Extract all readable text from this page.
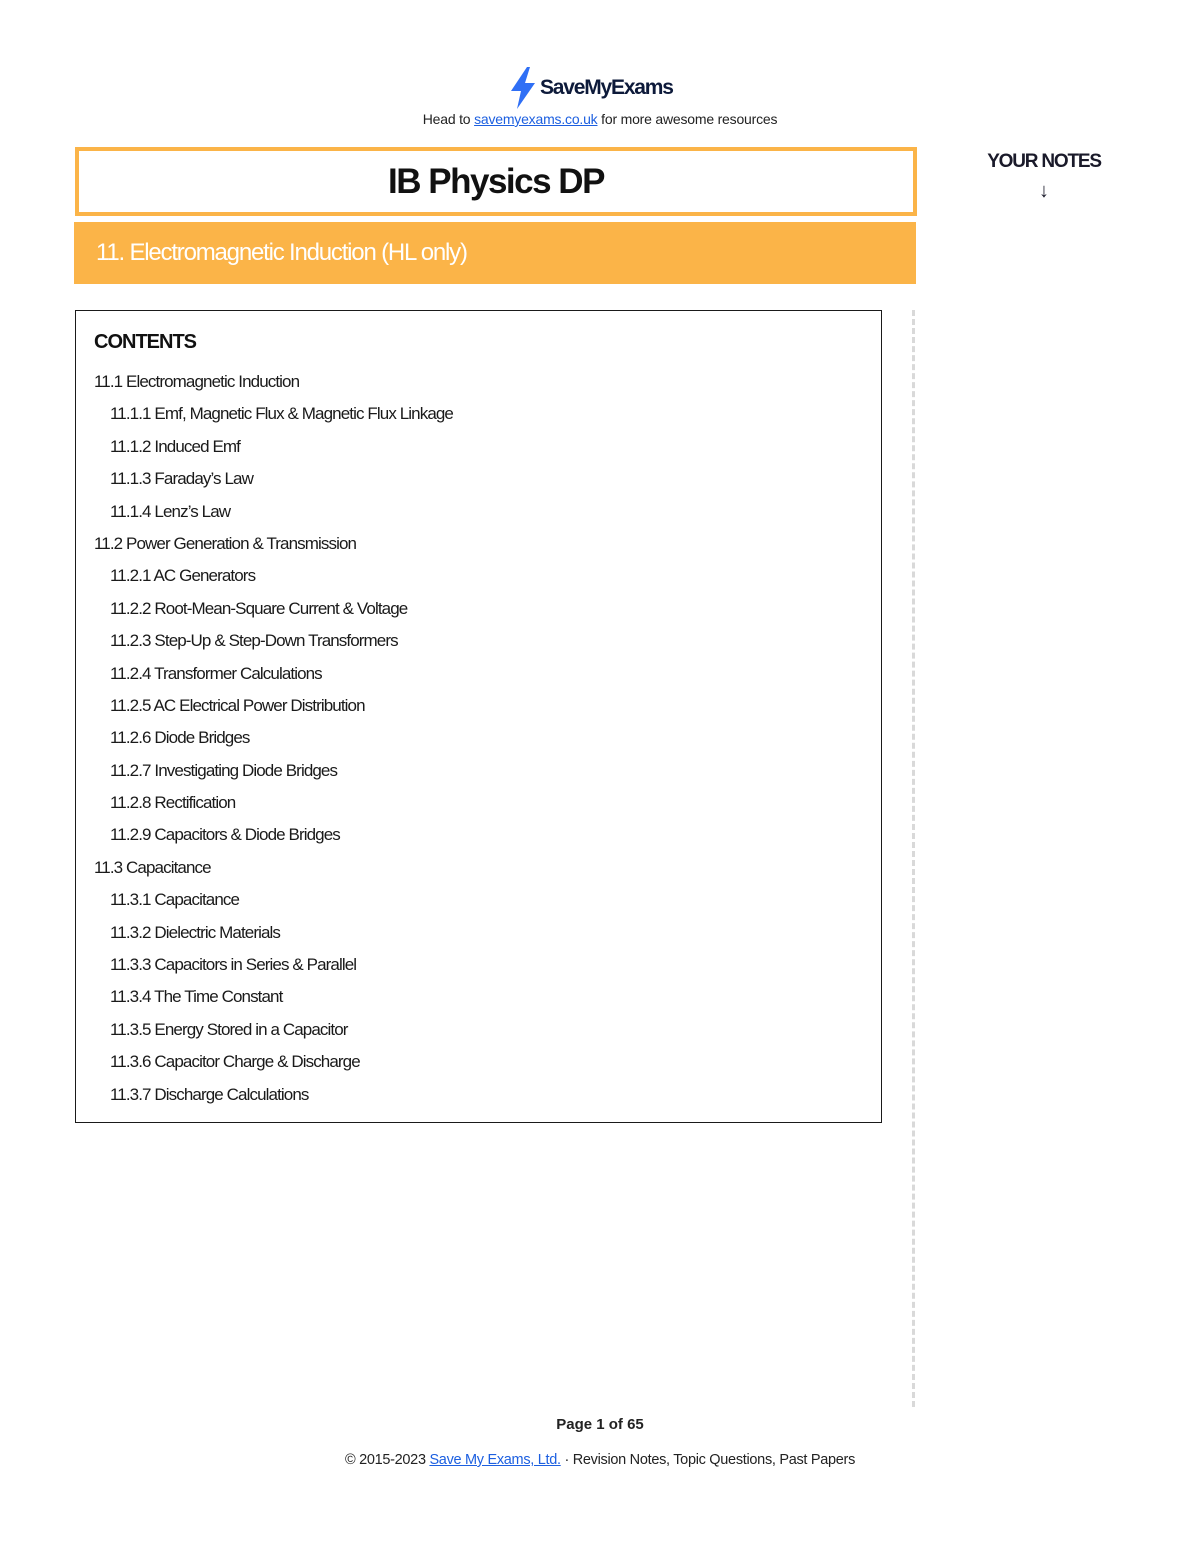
SaveMyExams
Head to savemyexams.co.uk for more awesome resources
IB Physics DP
11. Electromagnetic Induction (HL only)
YOUR NOTES
↓
CONTENTS
11.1 Electromagnetic Induction
11.1.1 Emf, Magnetic Flux & Magnetic Flux Linkage
11.1.2 Induced Emf
11.1.3 Faraday’s Law
11.1.4 Lenz’s Law
11.2 Power Generation & Transmission
11.2.1 AC Generators
11.2.2 Root-Mean-Square Current & Voltage
11.2.3 Step-Up & Step-Down Transformers
11.2.4 Transformer Calculations
11.2.5 AC Electrical Power Distribution
11.2.6 Diode Bridges
11.2.7 Investigating Diode Bridges
11.2.8 Rectification
11.2.9 Capacitors & Diode Bridges
11.3 Capacitance
11.3.1 Capacitance
11.3.2 Dielectric Materials
11.3.3 Capacitors in Series & Parallel
11.3.4 The Time Constant
11.3.5 Energy Stored in a Capacitor
11.3.6 Capacitor Charge & Discharge
11.3.7 Discharge Calculations
Page 1 of 65
© 2015-2023 Save My Exams, Ltd. · Revision Notes, Topic Questions, Past Papers
